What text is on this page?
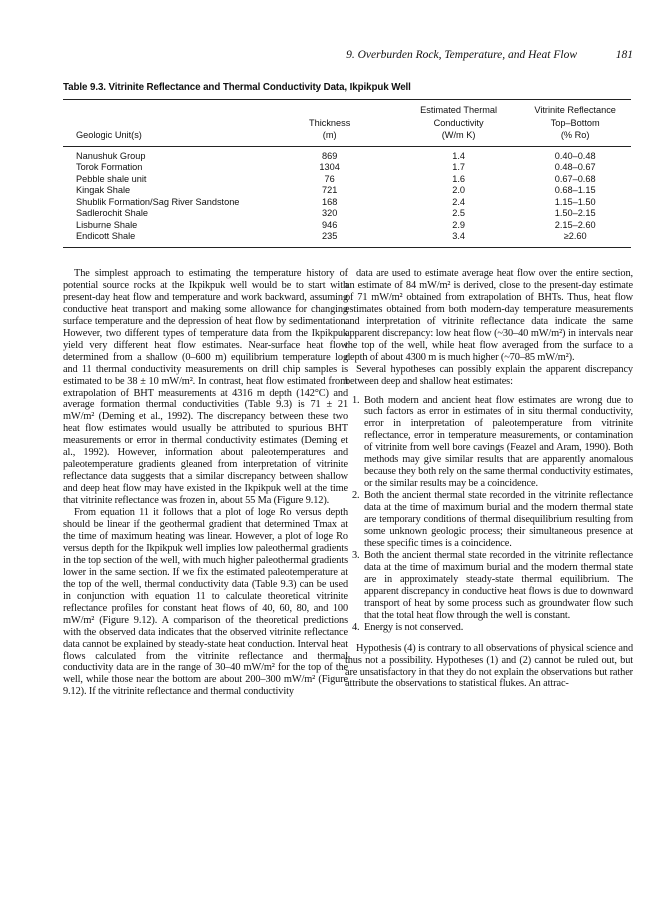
9. Overburden Rock, Temperature, and Heat Flow	181
Table 9.3. Vitrinite Reflectance and Thermal Conductivity Data, Ikpikpuk Well
		Estimated Thermal	Vitrinite Reflectance
	Thickness	Conductivity	Top–Bottom
Geologic Unit(s)	(m)	(W/m K)	(% Ro)

Nanushuk Group	869	1.4	0.40–0.48
Torok Formation	1304	1.7	0.48–0.67
Pebble shale unit	76	1.6	0.67–0.68
Kingak Shale	721	2.0	0.68–1.15
Shublik Formation/Sag River Sandstone	168	2.4	1.15–1.50
Sadlerochit Shale	320	2.5	1.50–2.15
Lisburne Shale	946	2.9	2.15–2.60
Endicott Shale	235	3.4	≥2.60

The simplest approach to estimating the temperature history of potential source rocks at the Ikpikpuk well would be to start with present-day heat flow and temperature and work backward, assuming conductive heat transport and making some allowance for changing surface temperature and the depression of heat flow by sedimentation. However, two different types of temperature data from the Ikpikpuk yield very different heat flow estimates. Near-surface heat flow determined from a shallow (0–600 m) equilibrium temperature log and 11 thermal conductivity measurements on drill chip samples is estimated to be 38 ± 10 mW/m². In contrast, heat flow estimated from extrapolation of BHT measurements at 4316 m depth (142°C) and average formation thermal conductivities (Table 9.3) is 71 ± 21 mW/m² (Deming et al., 1992). The discrepancy between these two heat flow estimates would usually be attributed to spurious BHT measurements or error in thermal conductivity estimates (Deming et al., 1992). However, information about paleotemperatures and paleotemperature gradients gleaned from interpretation of vitrinite reflectance data suggests that a similar discrepancy between shallow and deep heat flow may have existed in the Ikpikpuk well at the time that vitrinite reflectance was frozen in, about 55 Ma (Figure 9.12).

From equation 11 it follows that a plot of loge Ro versus depth should be linear if the geothermal gradient that determined Tmax at the time of maximum heating was linear. However, a plot of loge Ro versus depth for the Ikpikpuk well implies low paleothermal gradients in the top section of the well, with much higher paleothermal gradients lower in the same section. If we fix the estimated paleotemperature at the top of the well, thermal conductivity data (Table 9.3) can be used in conjunction with equation 11 to calculate theoretical vitrinite reflectance profiles for constant heat flows of 40, 60, 80, and 100 mW/m² (Figure 9.12). A comparison of the theoretical predictions with the observed data indicates that the observed vitrinite reflectance data cannot be explained by steady-state heat conduction. Interval heat flows calculated from the vitrinite reflectance and thermal conductivity data are in the range of 30–40 mW/m² for the top of the well, while those near the bottom are about 200–300 mW/m² (Figure 9.12). If the vitrinite reflectance and thermal conductivity

data are used to estimate average heat flow over the entire section, an estimate of 84 mW/m² is derived, close to the present-day estimate of 71 mW/m² obtained from extrapolation of BHTs. Thus, heat flow estimates obtained from both modern-day temperature measurements and interpretation of vitrinite reflectance data indicate the same apparent discrepancy: low heat flow (~30–40 mW/m²) in intervals near the top of the well, while heat flow averaged from the surface to a depth of about 4300 m is much higher (~70–85 mW/m²).

Several hypotheses can possibly explain the apparent discrepancy between deep and shallow heat estimates:

1. Both modern and ancient heat flow estimates are wrong due to such factors as error in estimates of in situ thermal conductivity, error in interpretation of paleotemperature from vitrinite reflectance, error in temperature measurements, or contamination of vitrinite from well bore cavings (Feazel and Aram, 1990). Both methods may give similar results that are apparently anomalous because they both rely on the same thermal conductivity estimates, or the similar results may be a coincidence.
2. Both the ancient thermal state recorded in the vitrinite reflectance data at the time of maximum burial and the modern thermal state are temporary conditions of thermal disequilibrium resulting from some unknown geologic process; their simultaneous presence at these specific times is a coincidence.
3. Both the ancient thermal state recorded in the vitrinite reflectance data at the time of maximum burial and the modern thermal state are in approximately steady-state thermal equilibrium. The apparent discrepancy in conductive heat flows is due to downward transport of heat by some process such as groundwater flow such that the total heat flow through the well is constant.
4. Energy is not conserved.

Hypothesis (4) is contrary to all observations of physical science and thus not a possibility. Hypotheses (1) and (2) cannot be ruled out, but are unsatisfactory in that they do not explain the observations but rather attribute the observations to statistical flukes. An attrac-
